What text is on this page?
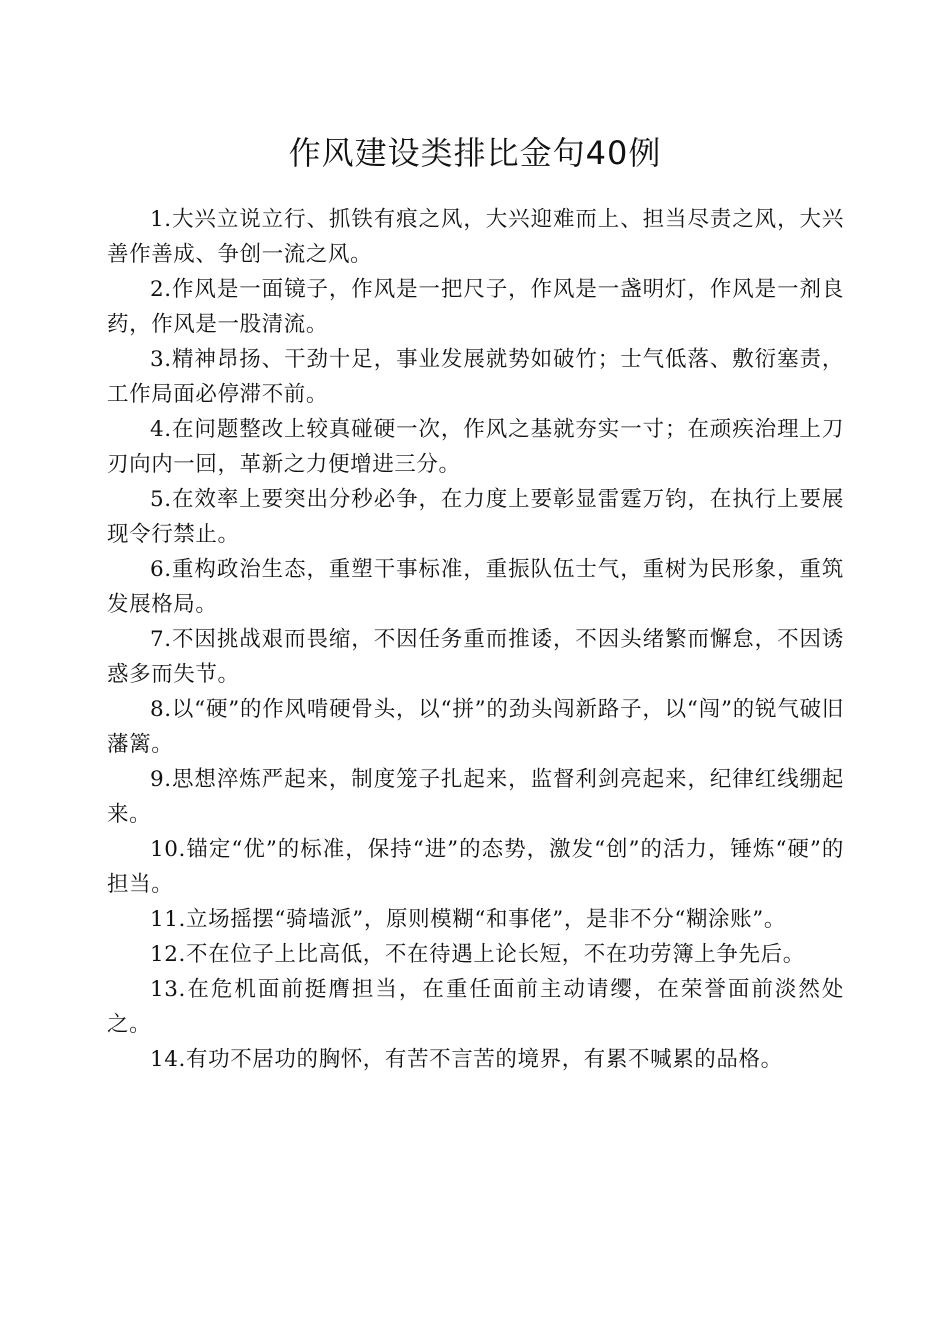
作风建设类排比金句40例

1.大兴立说立行、抓铁有痕之风，大兴迎难而上、担当尽责之风，大兴善作善成、争创一流之风。

2.作风是一面镜子，作风是一把尺子，作风是一盏明灯，作风是一剂良药，作风是一股清流。

3.精神昂扬、干劲十足，事业发展就势如破竹；士气低落、敷衍塞责，工作局面必停滞不前。

4.在问题整改上较真碰硬一次，作风之基就夯实一寸；在顽疾治理上刀刃向内一回，革新之力便增进三分。

5.在效率上要突出分秒必争，在力度上要彰显雷霆万钧，在执行上要展现令行禁止。

6.重构政治生态，重塑干事标准，重振队伍士气，重树为民形象，重筑发展格局。

7.不因挑战艰而畏缩，不因任务重而推诿，不因头绪繁而懈怠，不因诱惑多而失节。

8.以“硬”的作风啃硬骨头，以“拼”的劲头闯新路子，以“闯”的锐气破旧藩篱。

9.思想淬炼严起来，制度笼子扎起来，监督利剑亮起来，纪律红线绷起来。

10.锚定“优”的标准，保持“进”的态势，激发“创”的活力，锤炼“硬”的担当。

11.立场摇摆“骑墙派”，原则模糊“和事佬”，是非不分“糊涂账”。

12.不在位子上比高低，不在待遇上论长短，不在功劳簿上争先后。

13.在危机面前挺膺担当，在重任面前主动请缨，在荣誉面前淡然处之。

14.有功不居功的胸怀，有苦不言苦的境界，有累不喊累的品格。
